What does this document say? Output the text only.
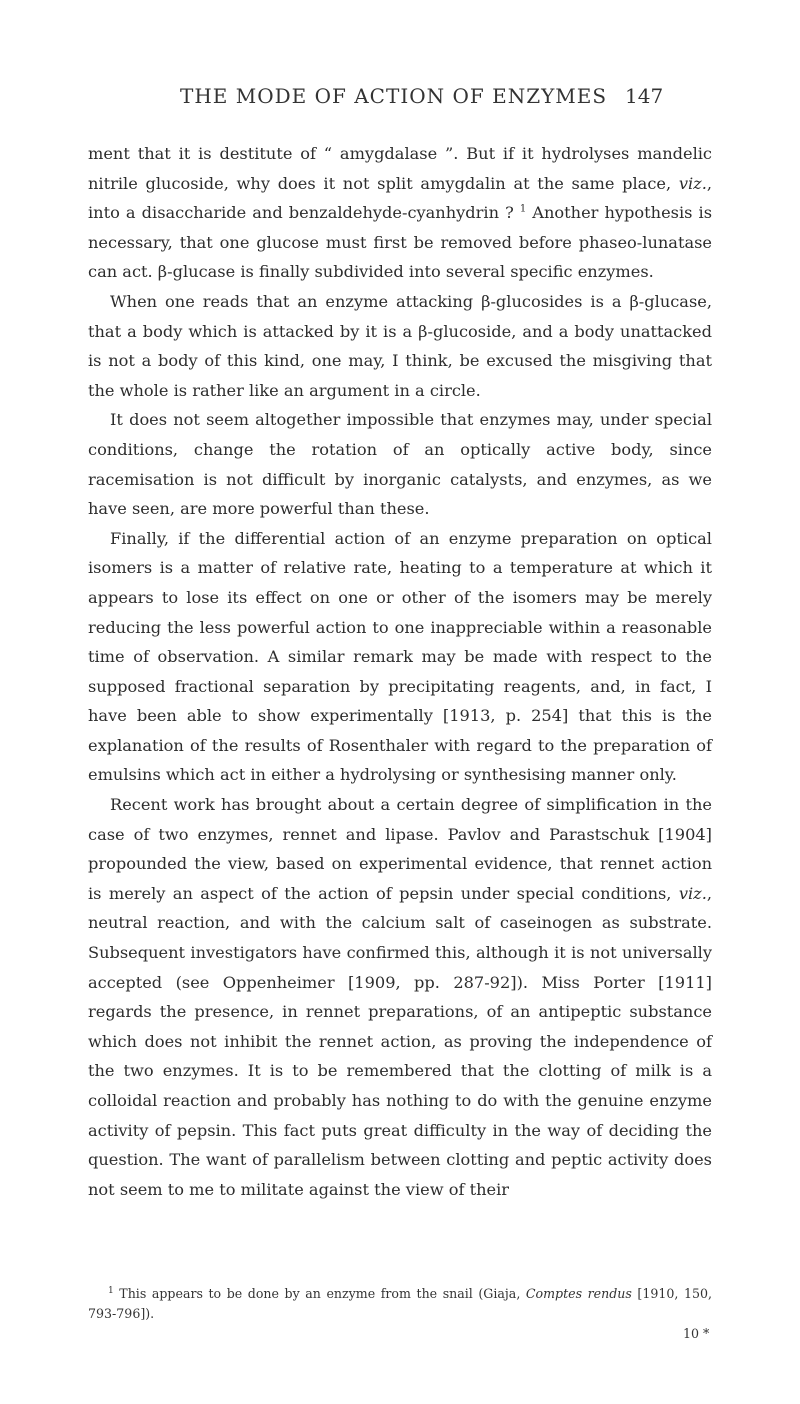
THE MODE OF ACTION OF ENZYMES 147

ment that it is destitute of “ amygdalase ”. But if it hydrolyses mandelic nitrile glucoside, why does it not split amygdalin at the same place, viz., into a disaccharide and benzaldehyde-cyanhydrin ? $^1$ Another hypothesis is necessary, that one glucose must first be removed before phaseo-lunatase can act. β-glucase is finally subdivided into several specific enzymes.

When one reads that an enzyme attacking β-glucosides is a β-glucase, that a body which is attacked by it is a β-glucoside, and a body unattacked is not a body of this kind, one may, I think, be excused the misgiving that the whole is rather like an argument in a circle.

It does not seem altogether impossible that enzymes may, under special conditions, change the rotation of an optically active body, since racemisation is not difficult by inorganic catalysts, and enzymes, as we have seen, are more powerful than these.

Finally, if the differential action of an enzyme preparation on optical isomers is a matter of relative rate, heating to a temperature at which it appears to lose its effect on one or other of the isomers may be merely reducing the less powerful action to one inappreciable within a reasonable time of observation. A similar remark may be made with respect to the supposed fractional separation by precipitating reagents, and, in fact, I have been able to show experimentally [1913, p. 254] that this is the explanation of the results of Rosenthaler with regard to the preparation of emulsins which act in either a hydrolysing or synthesising manner only.

Recent work has brought about a certain degree of simplification in the case of two enzymes, rennet and lipase. Pavlov and Parastschuk [1904] propounded the view, based on experimental evidence, that rennet action is merely an aspect of the action of pepsin under special conditions, viz., neutral reaction, and with the calcium salt of caseinogen as substrate. Subsequent investigators have confirmed this, although it is not universally accepted (see Oppenheimer [1909, pp. 287-92]). Miss Porter [1911] regards the presence, in rennet preparations, of an antipeptic substance which does not inhibit the rennet action, as proving the independence of the two enzymes. It is to be remembered that the clotting of milk is a colloidal reaction and probably has nothing to do with the genuine enzyme activity of pepsin. This fact puts great difficulty in the way of deciding the question. The want of parallelism between clotting and peptic activity does not seem to me to militate against the view of their

$^1$ This appears to be done by an enzyme from the snail (Giaja, Comptes rendus [1910, 150, 793-796]).

10 *
